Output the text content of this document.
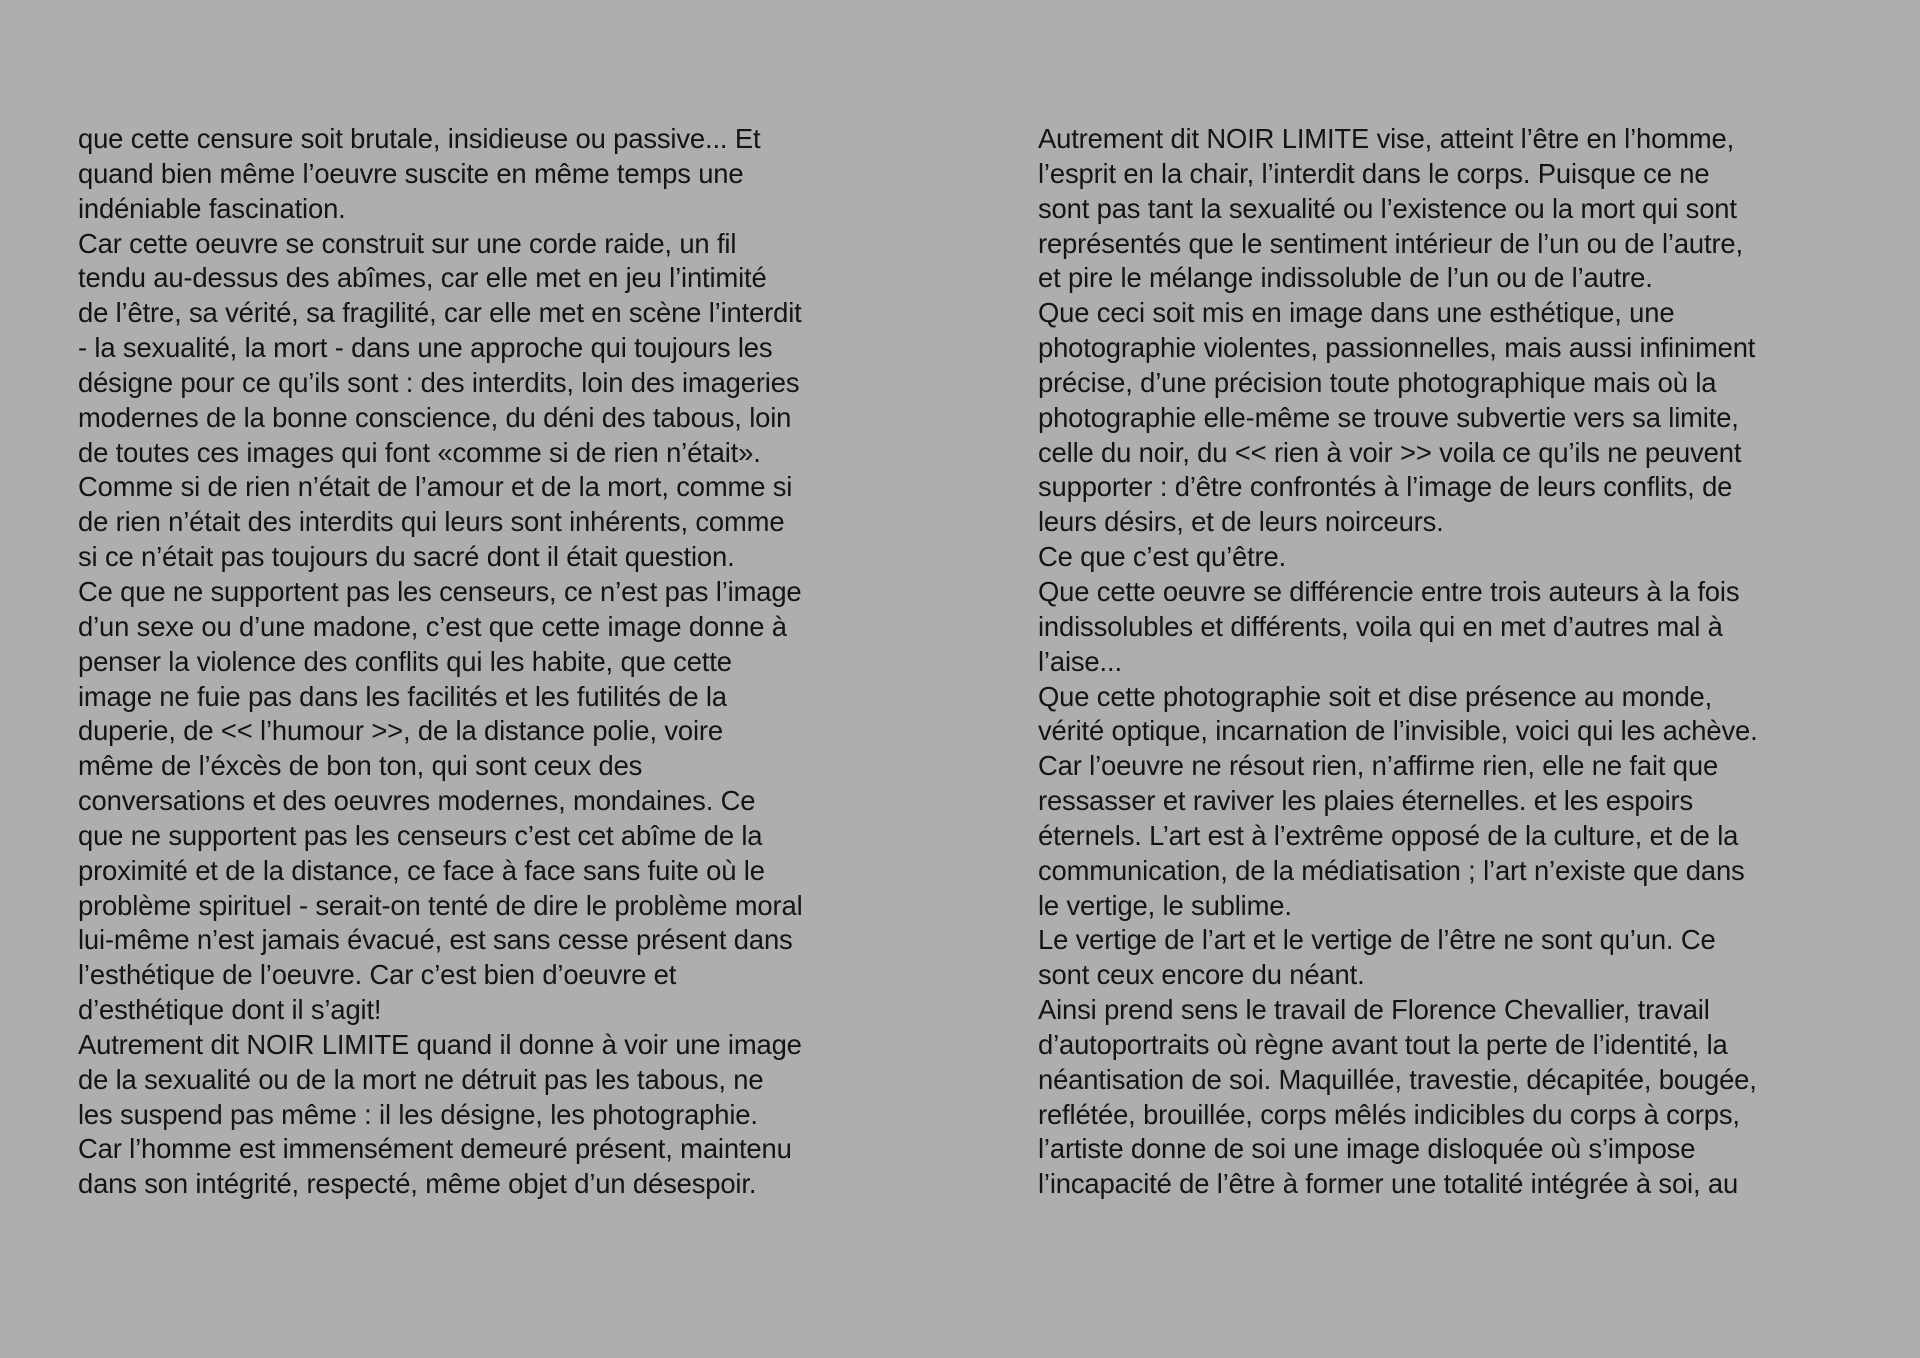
que cette censure soit brutale, insidieuse ou passive... Et
quand bien même l’oeuvre suscite en même temps une
indéniable fascination.
Car cette oeuvre se construit sur une corde raide, un fil
tendu au-dessus des abîmes, car elle met en jeu l’intimité
de l’être, sa vérité, sa fragilité, car elle met en scène l’interdit
- la sexualité, la mort - dans une approche qui toujours les
désigne pour ce qu’ils sont : des interdits, loin des imageries
modernes de la bonne conscience, du déni des tabous, loin
de toutes ces images qui font «comme si de rien n’était».
Comme si de rien n’était de l’amour et de la mort, comme si
de rien n’était des interdits qui leurs sont inhérents, comme
si ce n’était pas toujours du sacré dont il était question.
Ce que ne supportent pas les censeurs, ce n’est pas l’image
d’un sexe ou d’une madone, c’est que cette image donne à
penser la violence des conflits qui les habite, que cette
image ne fuie pas dans les facilités et les futilités de la
duperie, de << l’humour >>, de la distance polie, voire
même de l’éxcès de bon ton, qui sont ceux des
conversations et des oeuvres modernes, mondaines. Ce
que ne supportent pas les censeurs c’est cet abîme de la
proximité et de la distance, ce face à face sans fuite où le
problème spirituel - serait-on tenté de dire le problème moral
lui-même n’est jamais évacué, est sans cesse présent dans
l’esthétique de l’oeuvre. Car c’est bien d’oeuvre et
d’esthétique dont il s’agit!
Autrement dit NOIR LIMITE quand il donne à voir une image
de la sexualité ou de la mort ne détruit pas les tabous, ne
les suspend pas même : il les désigne, les photographie.
Car l’homme est immensément demeuré présent, maintenu
dans son intégrité, respecté, même objet d’un désespoir.
Autrement dit NOIR LIMITE vise, atteint l’être en l’homme,
l’esprit en la chair, l’interdit dans le corps. Puisque ce ne
sont pas tant la sexualité ou l’existence ou la mort qui sont
représentés que le sentiment intérieur de l’un ou de l’autre,
et pire le mélange indissoluble de l’un ou de l’autre.
Que ceci soit mis en image dans une esthétique, une
photographie violentes, passionnelles, mais aussi infiniment
précise, d’une précision toute photographique mais où la
photographie elle-même se trouve subvertie vers sa limite,
celle du noir, du << rien à voir >> voila ce qu’ils ne peuvent
supporter : d’être confrontés à l’image de leurs conflits, de
leurs désirs, et de leurs noirceurs.
Ce que c’est qu’être.
Que cette oeuvre se différencie entre trois auteurs à la fois
indissolubles et différents, voila qui en met d’autres mal à
l’aise...
Que cette photographie soit et dise présence au monde,
vérité optique, incarnation de l’invisible, voici qui les achève.
Car l’oeuvre ne résout rien, n’affirme rien, elle ne fait que
ressasser et raviver les plaies éternelles. et les espoirs
éternels. L’art est à l’extrême opposé de la culture, et de la
communication, de la médiatisation ; l’art n’existe que dans
le vertige, le sublime.
Le vertige de l’art et le vertige de l’être ne sont qu’un. Ce
sont ceux encore du néant.
Ainsi prend sens le travail de Florence Chevallier, travail
d’autoportraits où règne avant tout la perte de l’identité, la
néantisation de soi. Maquillée, travestie, décapitée, bougée,
reflétée, brouillée, corps mêlés indicibles du corps à corps,
l’artiste donne de soi une image disloquée où s’impose
l’incapacité de l’être à former une totalité intégrée à soi, au
